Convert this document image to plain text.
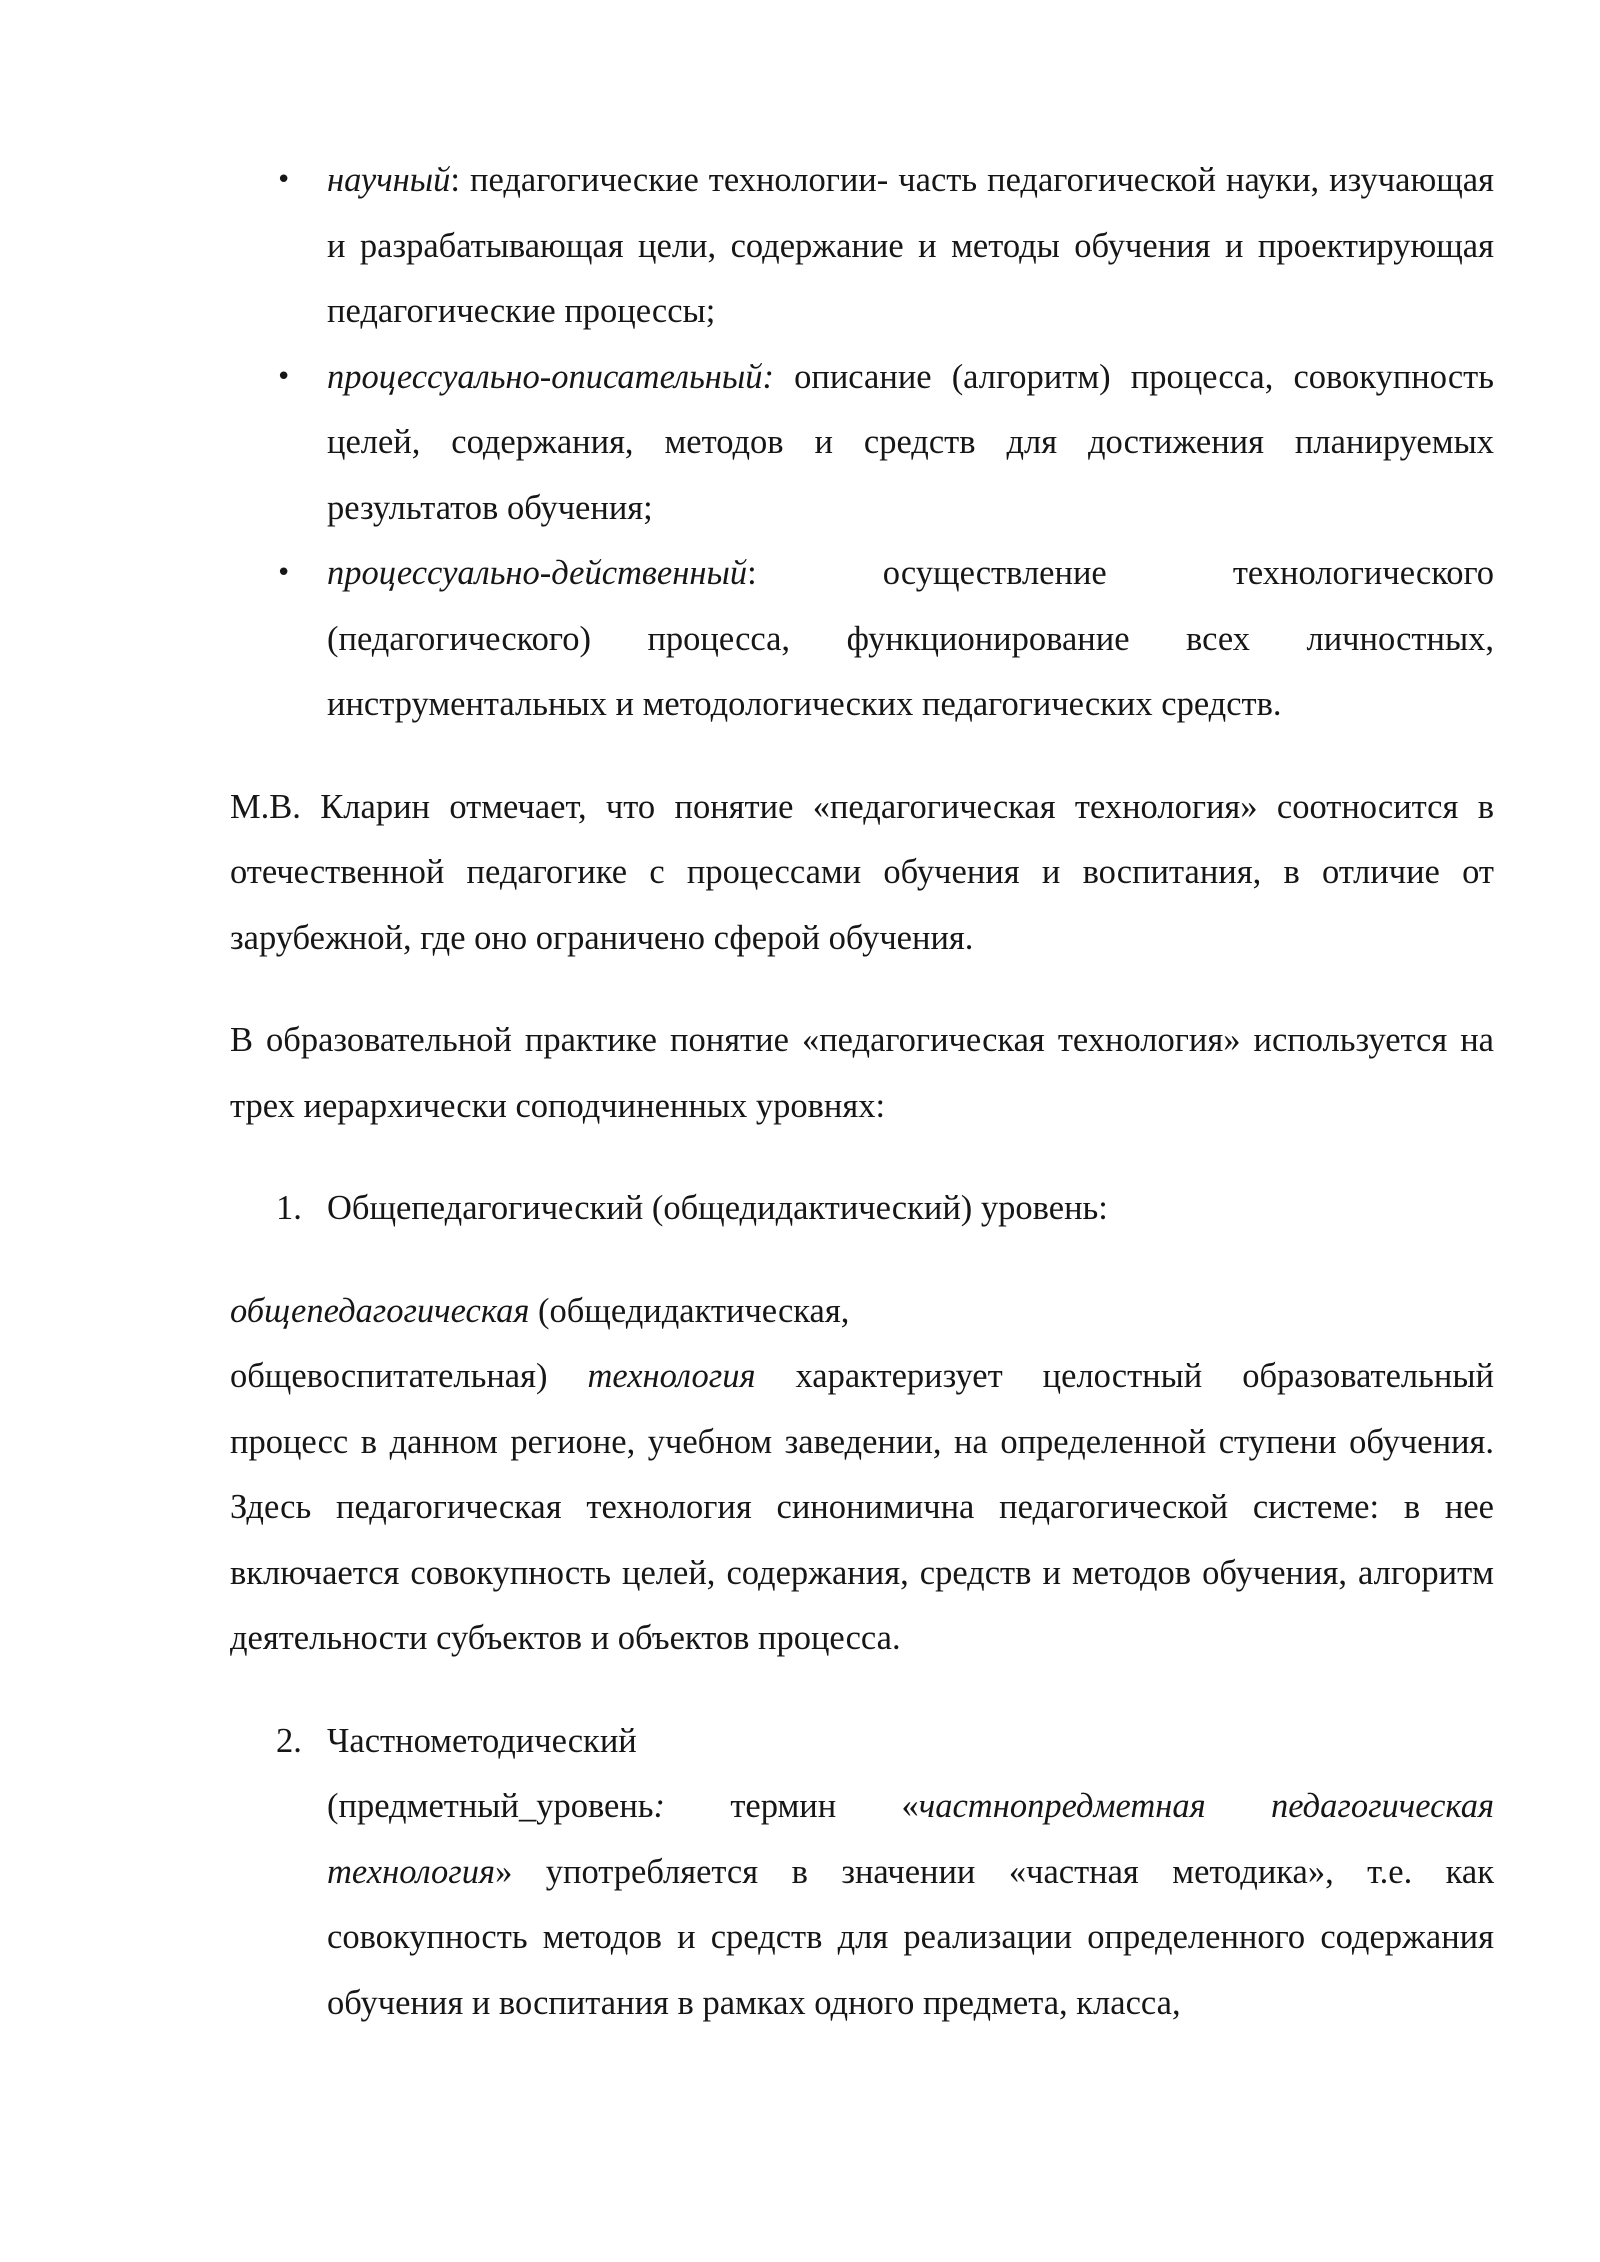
• научный: педагогические технологии- часть педагогической науки, изучающая и разрабатывающая цели, содержание и методы обучения и проектирующая педагогические процессы;
• процессуально-описательный: описание (алгоритм) процесса, совокупность целей, содержания, методов и средств для достижения планируемых результатов обучения;
• процессуально-действенный: осуществление технологического (педагогического) процесса, функционирование всех личностных, инструментальных и методологических педагогических средств.

М.В. Кларин отмечает, что понятие «педагогическая технология» соотносится в отечественной педагогике с процессами обучения и воспитания, в отличие от зарубежной, где оно ограничено сферой обучения.

В образовательной практике понятие «педагогическая технология» используется на трех иерархически соподчиненных уровнях:

1. Общепедагогический (общедидактический) уровень:

общепедагогическая (общедидактическая,
общевоспитательная) технология характеризует целостный образовательный процесс в данном регионе, учебном заведении, на определенной ступени обучения. Здесь педагогическая технология синонимична педагогической системе: в нее включается совокупность целей, содержания, средств и методов обучения, алгоритм деятельности субъектов и объектов процесса.

2. Частнометодический
(предметный_уровень: термин «частнопредметная педагогическая технология» употребляется в значении «частная методика», т.е. как совокупность методов и средств для реализации определенного содержания обучения и воспитания в рамках одного предмета, класса,
